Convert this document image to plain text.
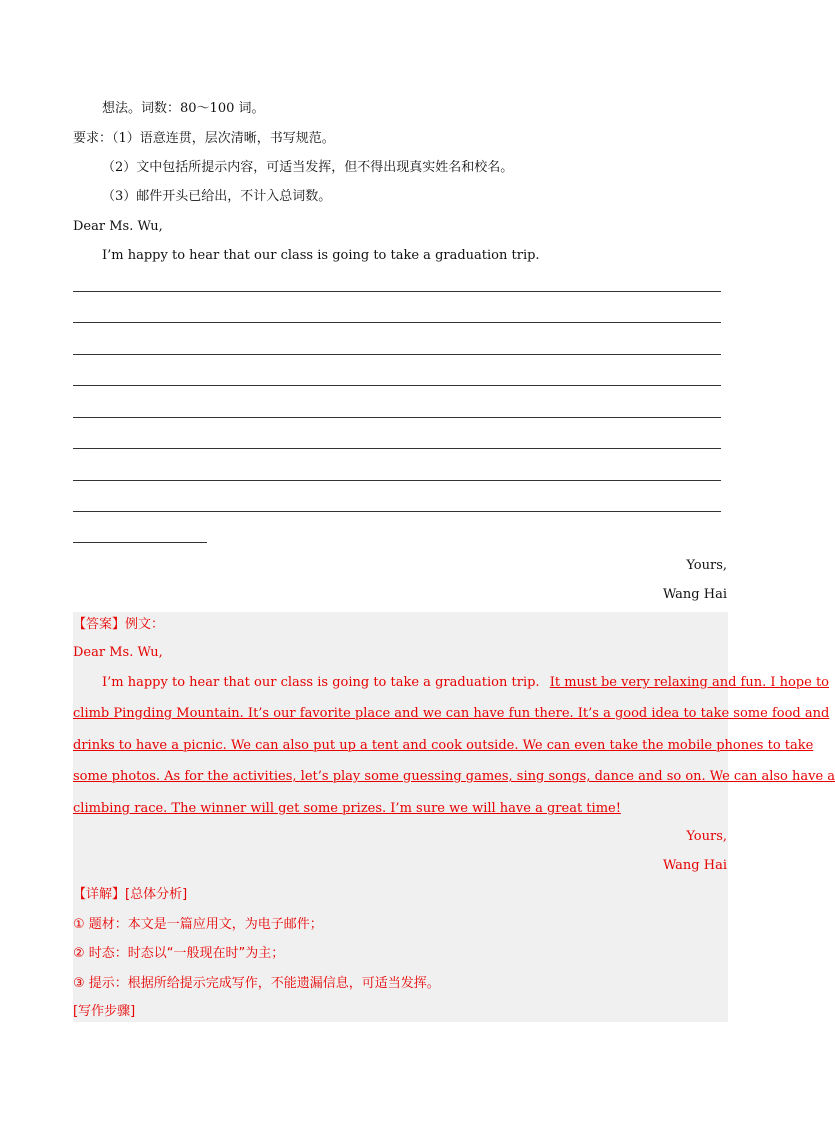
想法。词数：80～100 词。
要求：（1）语意连贯，层次清晰，书写规范。
（2）文中包括所提示内容，可适当发挥，但不得出现真实姓名和校名。
（3）邮件开头已给出，不计入总词数。
Dear Ms. Wu,
I’m happy to hear that our class is going to take a graduation trip.
Yours,
Wang Hai
【答案】例文：
Dear Ms. Wu,
I’m happy to hear that our class is going to take a graduation trip. It must be very relaxing and fun. I hope to
climb Pingding Mountain. It’s our favorite place and we can have fun there. It’s a good idea to take some food and
drinks to have a picnic. We can also put up a tent and cook outside. We can even take the mobile phones to take
some photos. As for the activities, let’s play some guessing games, sing songs, dance and so on. We can also have a
climbing race. The winner will get some prizes. I’m sure we will have a great time!
Yours,
Wang Hai
【详解】[总体分析]
① 题材：本文是一篇应用文，为电子邮件；
② 时态：时态以“一般现在时”为主；
③ 提示：根据所给提示完成写作，不能遗漏信息，可适当发挥。
[写作步骤]
